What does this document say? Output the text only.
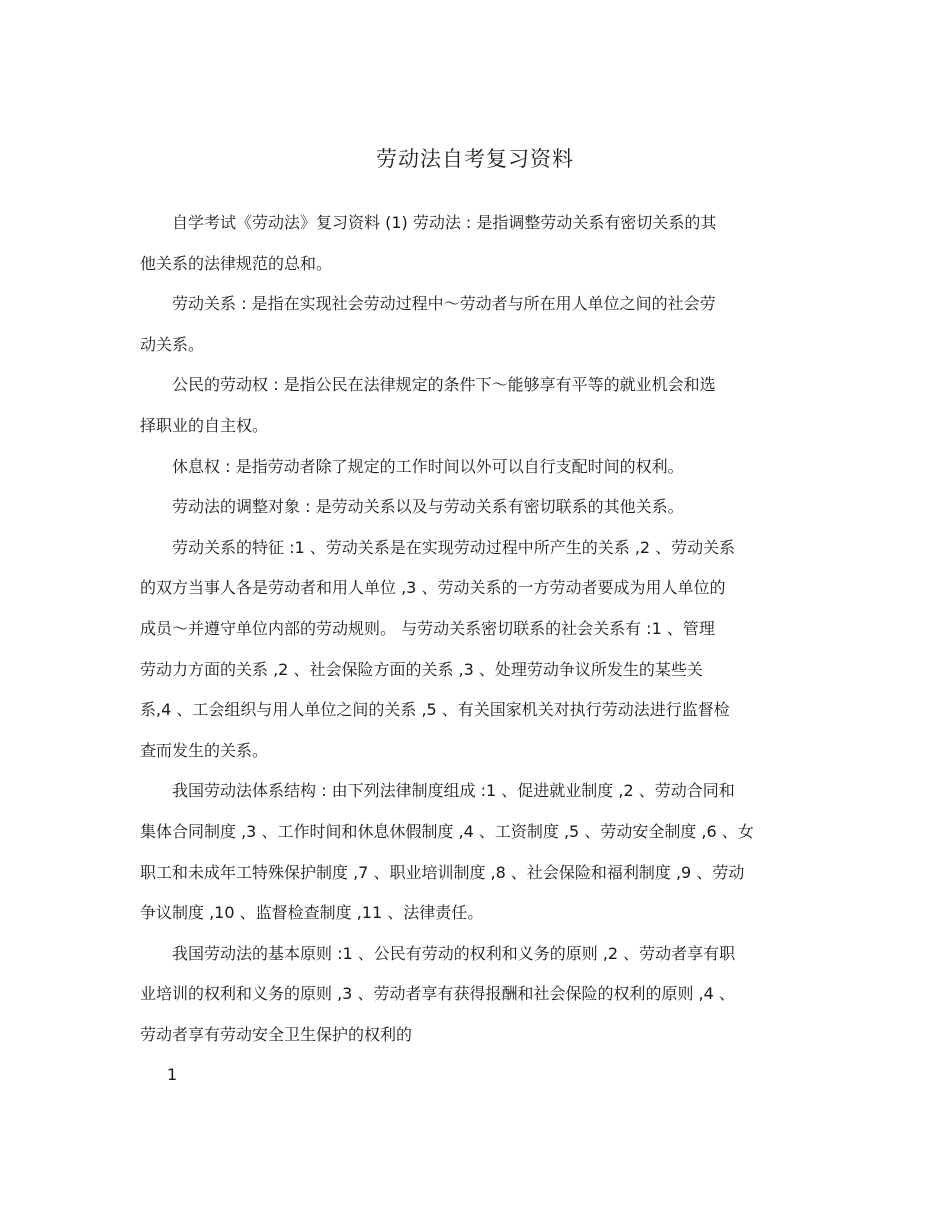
劳动法自考复习资料

自学考试《劳动法》复习资料 (1) 劳动法 : 是指调整劳动关系有密切关系的其
他关系的法律规范的总和。

劳动关系 : 是指在实现社会劳动过程中～劳动者与所在用人单位之间的社会劳
动关系。

公民的劳动权 : 是指公民在法律规定的条件下～能够享有平等的就业机会和选
择职业的自主权。

休息权 : 是指劳动者除了规定的工作时间以外可以自行支配时间的权利。

劳动法的调整对象 : 是劳动关系以及与劳动关系有密切联系的其他关系。

劳动关系的特征 :1 、劳动关系是在实现劳动过程中所产生的关系 ,2 、劳动关系
的双方当事人各是劳动者和用人单位 ,3 、劳动关系的一方劳动者要成为用人单位的
成员～并遵守单位内部的劳动规则。 与劳动关系密切联系的社会关系有 :1 、管理
劳动力方面的关系 ,2 、社会保险方面的关系 ,3 、处理劳动争议所发生的某些关
系,4 、工会组织与用人单位之间的关系 ,5 、有关国家机关对执行劳动法进行监督检
查而发生的关系。

我国劳动法体系结构 : 由下列法律制度组成 :1 、促进就业制度 ,2 、劳动合同和
集体合同制度 ,3 、工作时间和休息休假制度 ,4 、工资制度 ,5 、劳动安全制度 ,6 、女
职工和未成年工特殊保护制度 ,7 、职业培训制度 ,8 、社会保险和福利制度 ,9 、劳动
争议制度 ,10 、监督检查制度 ,11 、法律责任。

我国劳动法的基本原则 :1 、公民有劳动的权利和义务的原则 ,2 、劳动者享有职
业培训的权利和义务的原则 ,3 、劳动者享有获得报酬和社会保险的权利的原则 ,4 、
劳动者享有劳动安全卫生保护的权利的

1
